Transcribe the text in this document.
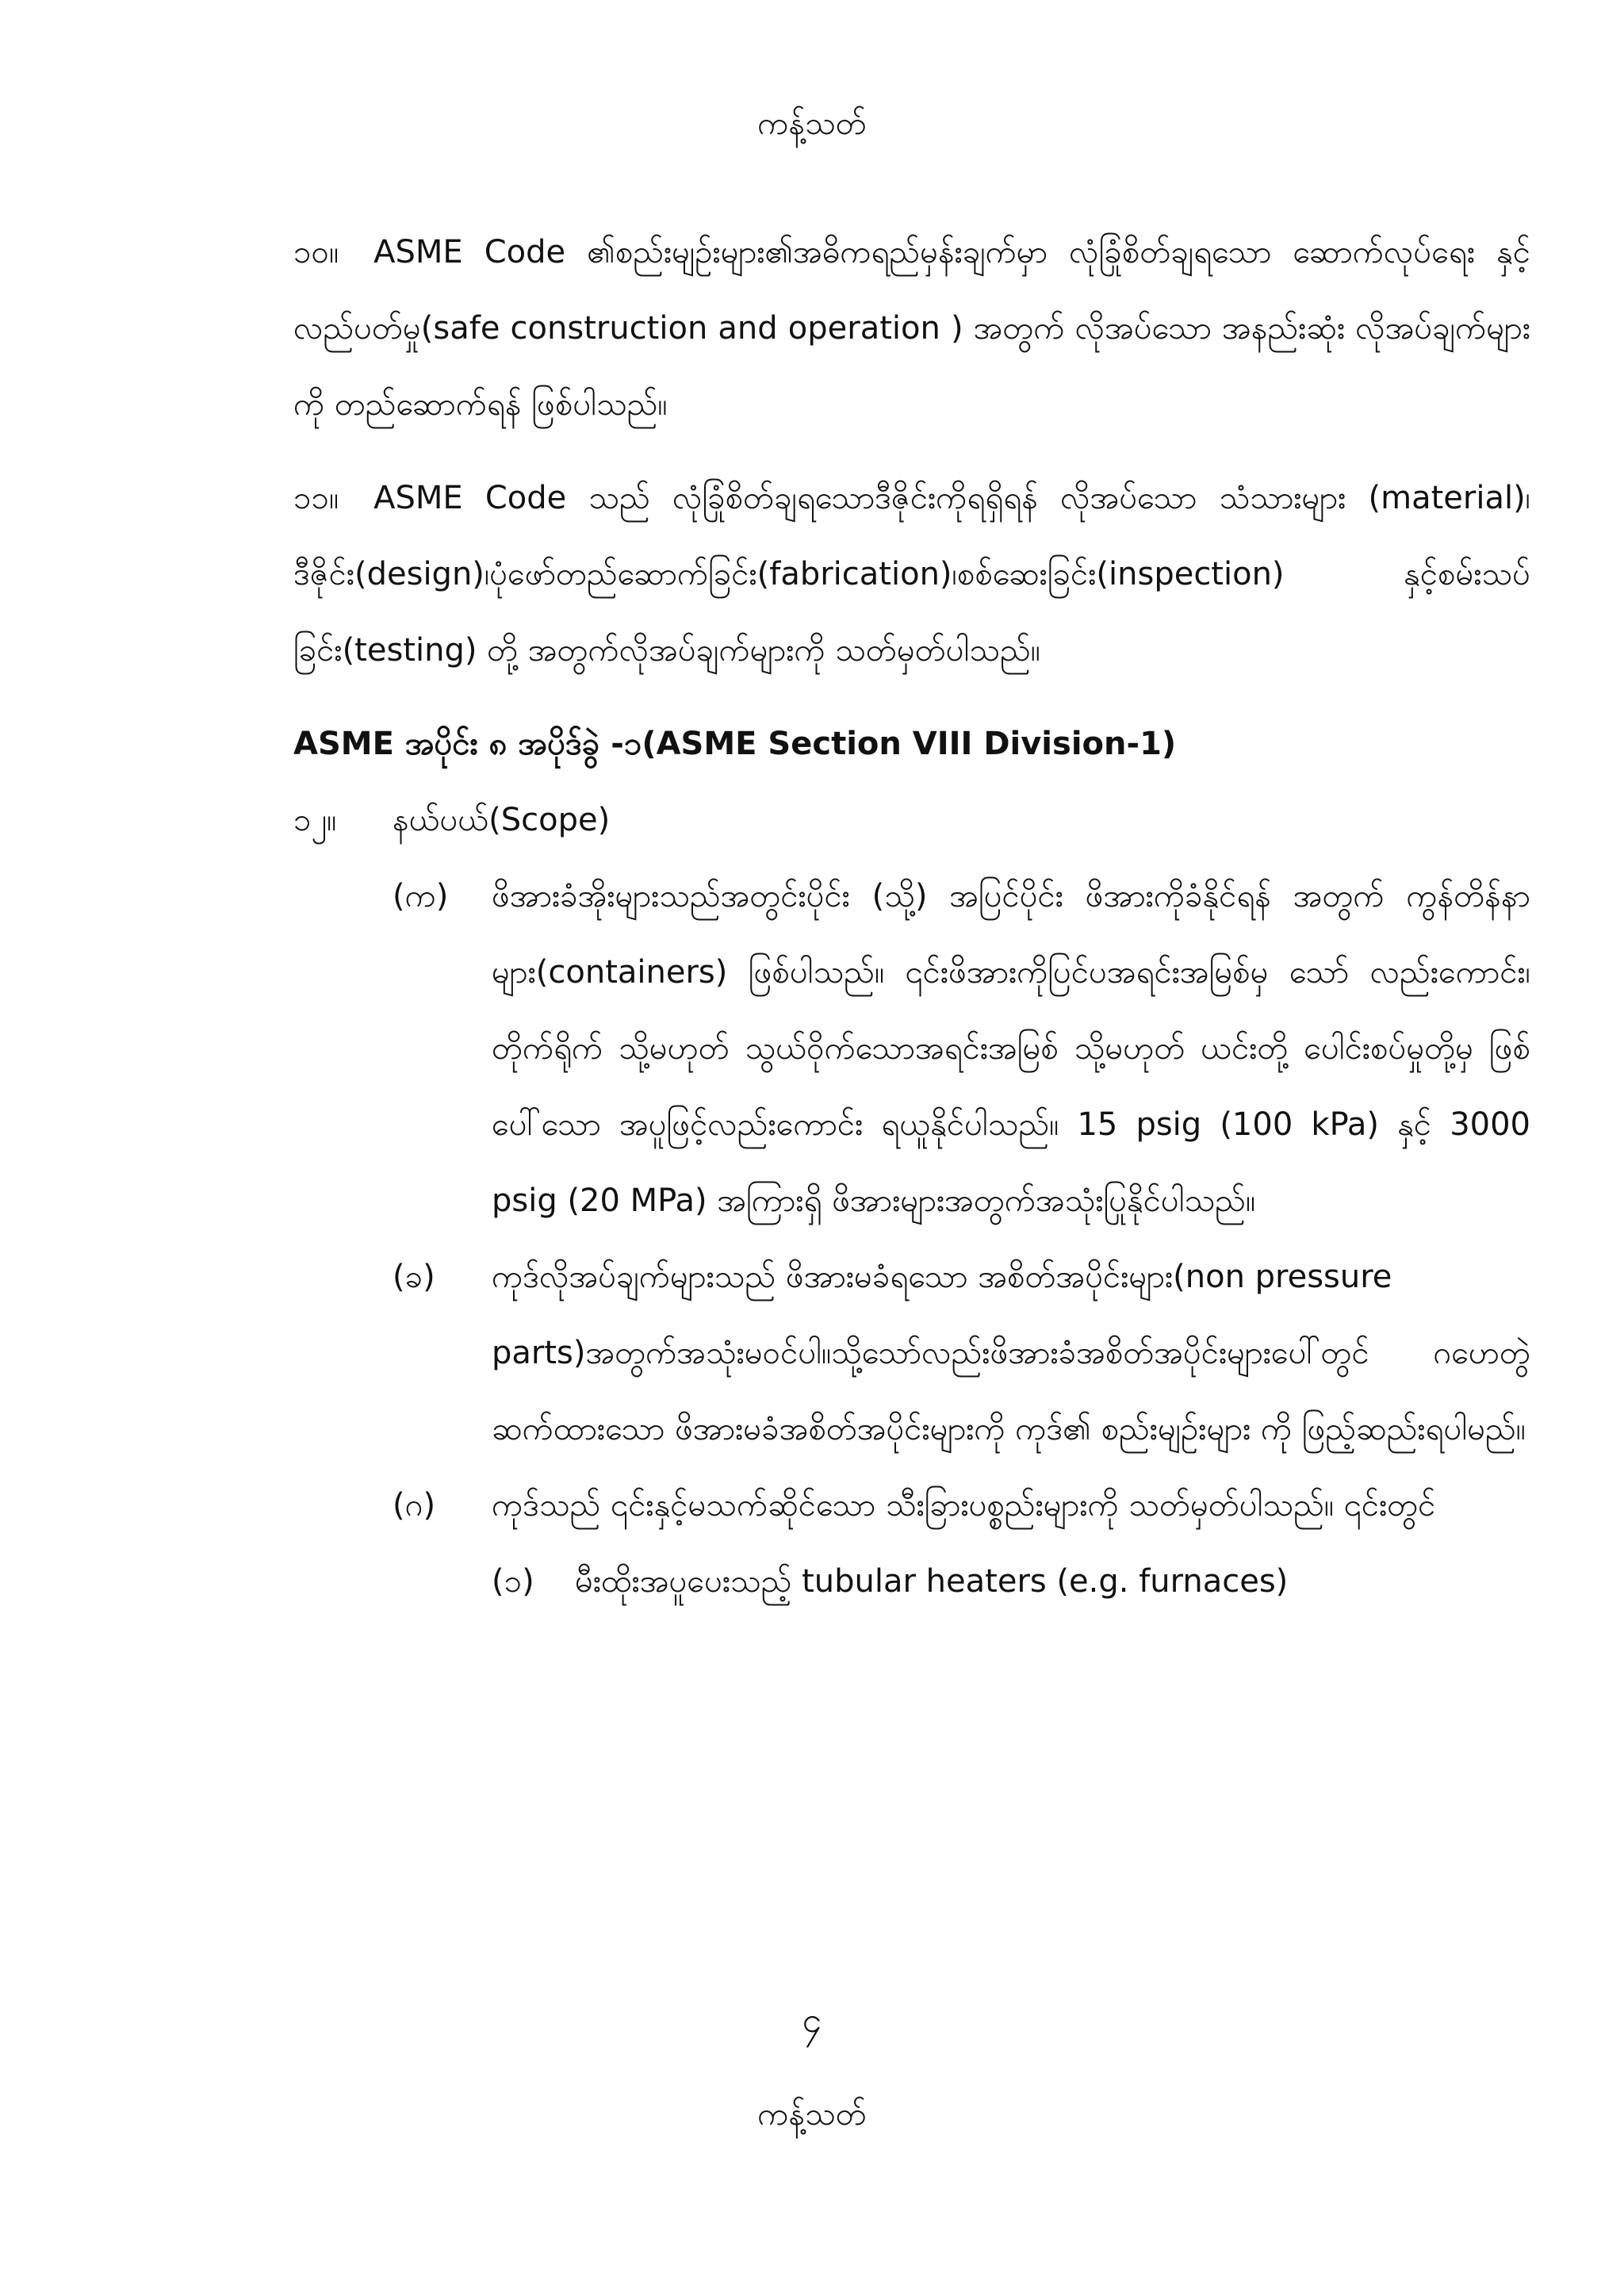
ကန့်သတ်

၁၀။ ASME Code ၏စည်းမျဉ်းများ၏အဓိကရည်မှန်းချက်မှာ လုံခြုံစိတ်ချရသော ဆောက်လုပ်ရေး နှင့် လည်ပတ်မှု(safe construction and operation ) အတွက် လိုအပ်သော အနည်းဆုံး လိုအပ်ချက်များကို တည်ဆောက်ရန် ဖြစ်ပါသည်။

၁၁။ ASME Code သည် လုံခြုံစိတ်ချရသောဒီဇိုင်းကိုရရှိရန် လိုအပ်သော သံသားများ (material)၊ဒီဇိုင်း(design)၊ပုံဖော်တည်ဆောက်ခြင်း(fabrication)၊စစ်ဆေးခြင်း(inspection) နှင့်စမ်းသပ်ခြင်း(testing) တို့ အတွက်လိုအပ်ချက်များကို သတ်မှတ်ပါသည်။

ASME အပိုင်း ၈ အပိုဒ်ခွဲ -၁(ASME Section VIII Division-1)
၁၂။	နယ်ပယ်(Scope)
(က)	ဖိအားခံအိုးများသည်အတွင်းပိုင်း (သို့) အပြင်ပိုင်း ဖိအားကိုခံနိုင်ရန် အတွက် ကွန်တိန်နာများ(containers) ဖြစ်ပါသည်။ ၎င်းဖိအားကိုပြင်ပအရင်းအမြစ်မှ သော် လည်းကောင်း၊ တိုက်ရိုက် သို့မဟုတ် သွယ်ဝိုက်သောအရင်းအမြစ် သို့မဟုတ် ယင်းတို့ ပေါင်းစပ်မှုတို့မှ ဖြစ်ပေါ်သော အပူဖြင့်လည်းကောင်း ရယူနိုင်ပါသည်။ 15 psig (100 kPa) နှင့် 3000 psig (20 MPa) အကြားရှိ ဖိအားများအတွက်အသုံးပြုနိုင်ပါသည်။
(ခ)	ကုဒ်လိုအပ်ချက်များသည် ဖိအားမခံရသော အစိတ်အပိုင်းများ(non pressure

parts)အတွက်အသုံးမဝင်ပါ။သို့သော်လည်းဖိအားခံအစိတ်အပိုင်းများပေါ်တွင် ဂဟေတွဲဆက်ထားသော ဖိအားမခံအစိတ်အပိုင်းများကို ကုဒ်၏ စည်းမျဉ်းများ ကို ဖြည့်ဆည်းရပါမည်။

(ဂ)	ကုဒ်သည် ၎င်းနှင့်မသက်ဆိုင်သော သီးခြားပစ္စည်းများကို သတ်မှတ်ပါသည်။ ၎င်းတွင်
(၁)	မီးထိုးအပူပေးသည့် tubular heaters (e.g. furnaces)
၄
ကန့်သတ်
